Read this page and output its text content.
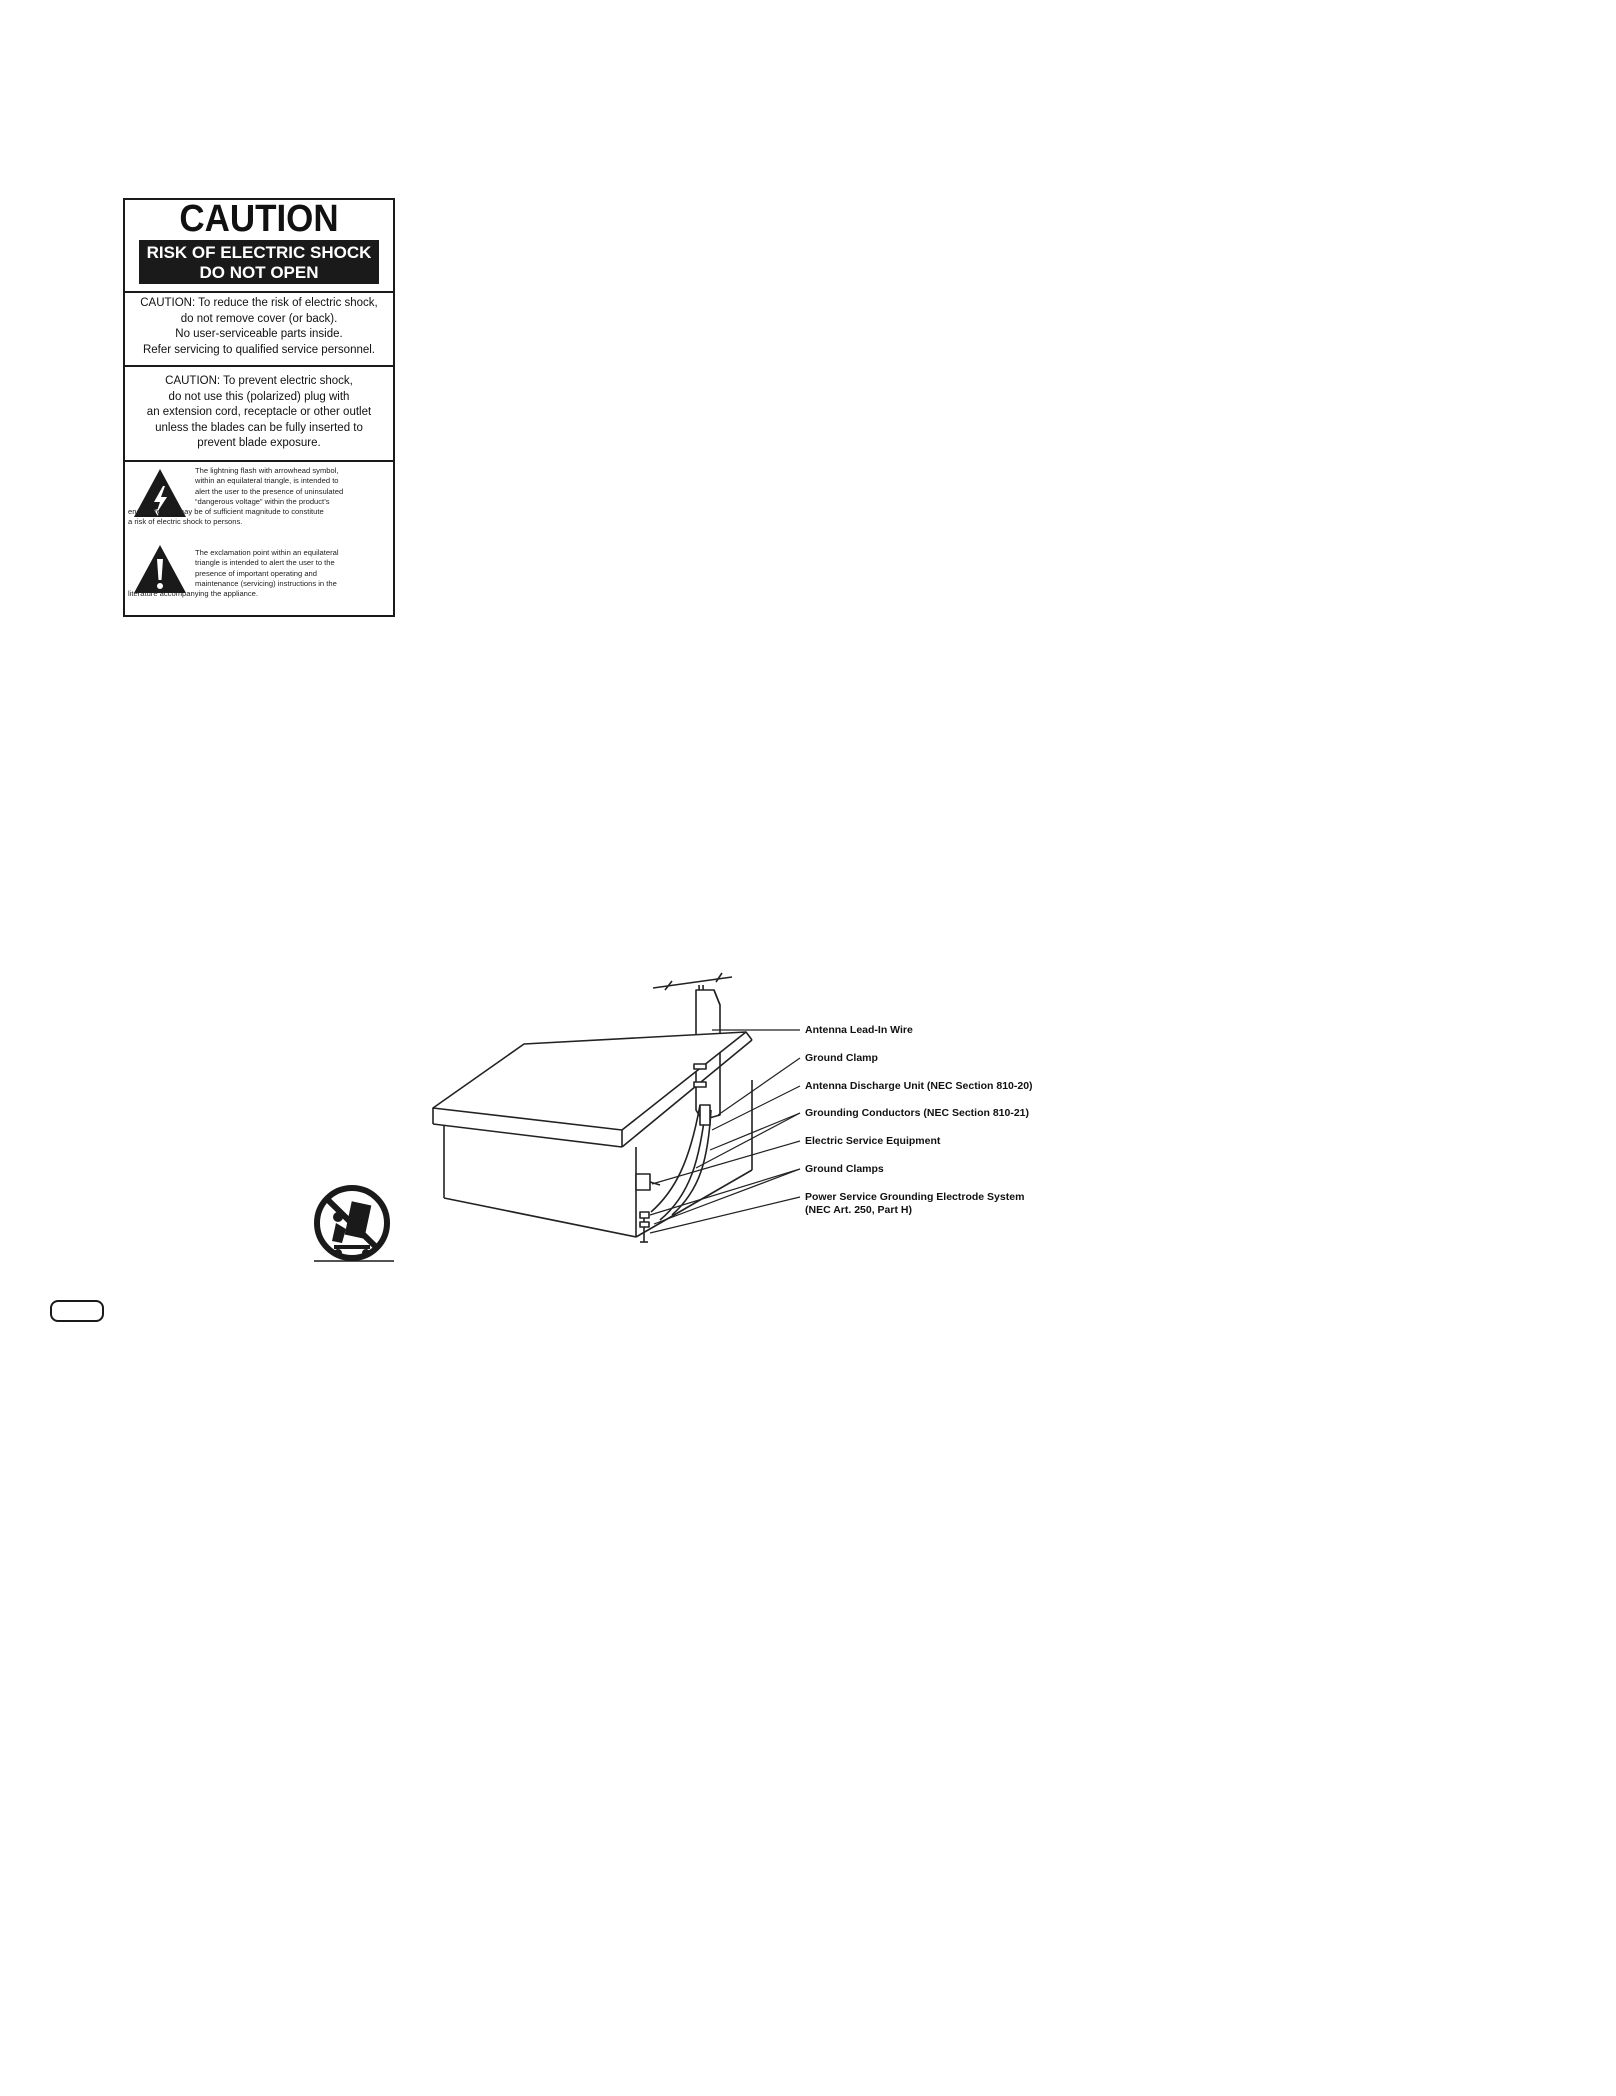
CAUTION
RISK OF ELECTRIC SHOCK
DO NOT OPEN
CAUTION: To reduce the risk of electric shock,
do not remove cover (or back).
No user-serviceable parts inside.
Refer servicing to qualified service personnel.
CAUTION: To prevent electric shock,
do not use this (polarized) plug with
an extension cord, receptacle or other outlet
unless the blades can be fully inserted to
prevent blade exposure.
The lightning flash with arrowhead symbol,
within an equilateral triangle, is intended to
alert the user to the presence of uninsulated
“dangerous voltage” within the product’s
enclosure that may be of sufficient magnitude to constitute
a risk of electric shock to persons.
The exclamation point within an equilateral
triangle is intended to alert the user to the
presence of important operating and
maintenance (servicing) instructions in the
literature accompanying the appliance.
Antenna Lead-In Wire
Ground Clamp
Antenna Discharge Unit (NEC Section 810-20)
Grounding Conductors (NEC Section 810-21)
Electric Service Equipment
Ground Clamps
Power Service Grounding Electrode System
(NEC Art. 250, Part H)
